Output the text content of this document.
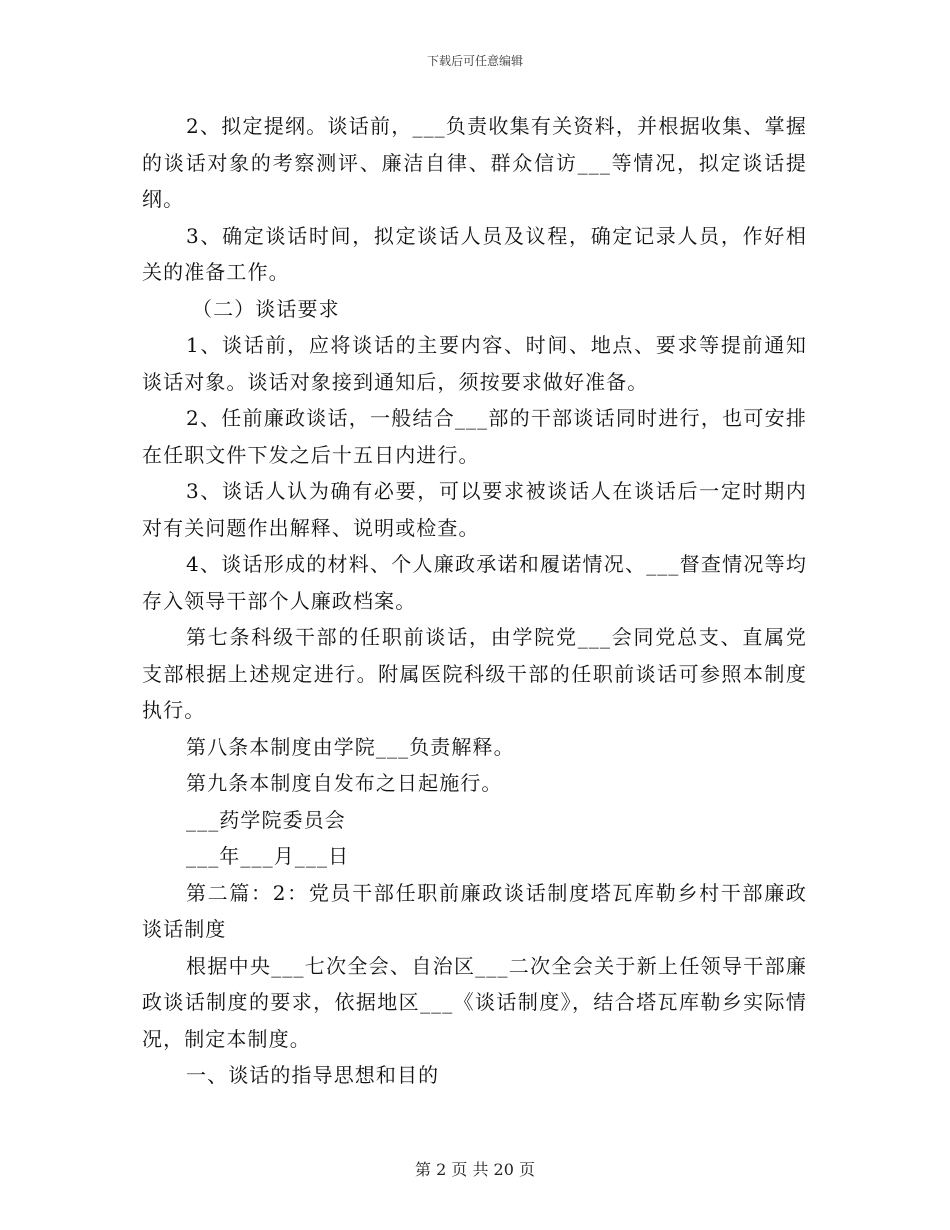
下载后可任意编辑

2、拟定提纲。谈话前，___负责收集有关资料，并根据收集、掌握的谈话对象的考察测评、廉洁自律、群众信访___等情况，拟定谈话提纲。

3、确定谈话时间，拟定谈话人员及议程，确定记录人员，作好相关的准备工作。

（二）谈话要求

1、谈话前，应将谈话的主要内容、时间、地点、要求等提前通知谈话对象。谈话对象接到通知后，须按要求做好准备。

2、任前廉政谈话，一般结合___部的干部谈话同时进行，也可安排在任职文件下发之后十五日内进行。

3、谈话人认为确有必要，可以要求被谈话人在谈话后一定时期内对有关问题作出解释、说明或检查。

4、谈话形成的材料、个人廉政承诺和履诺情况、___督查情况等均存入领导干部个人廉政档案。

第七条科级干部的任职前谈话，由学院党___会同党总支、直属党支部根据上述规定进行。附属医院科级干部的任职前谈话可参照本制度执行。

第八条本制度由学院___负责解释。

第九条本制度自发布之日起施行。

___药学院委员会

___年___月___日

第二篇：2：党员干部任职前廉政谈话制度塔瓦库勒乡村干部廉政谈话制度

根据中央___七次全会、自治区___二次全会关于新上任领导干部廉政谈话制度的要求，依据地区___《谈话制度》，结合塔瓦库勒乡实际情况，制定本制度。

一、谈话的指导思想和目的

第 2 页 共 20 页
